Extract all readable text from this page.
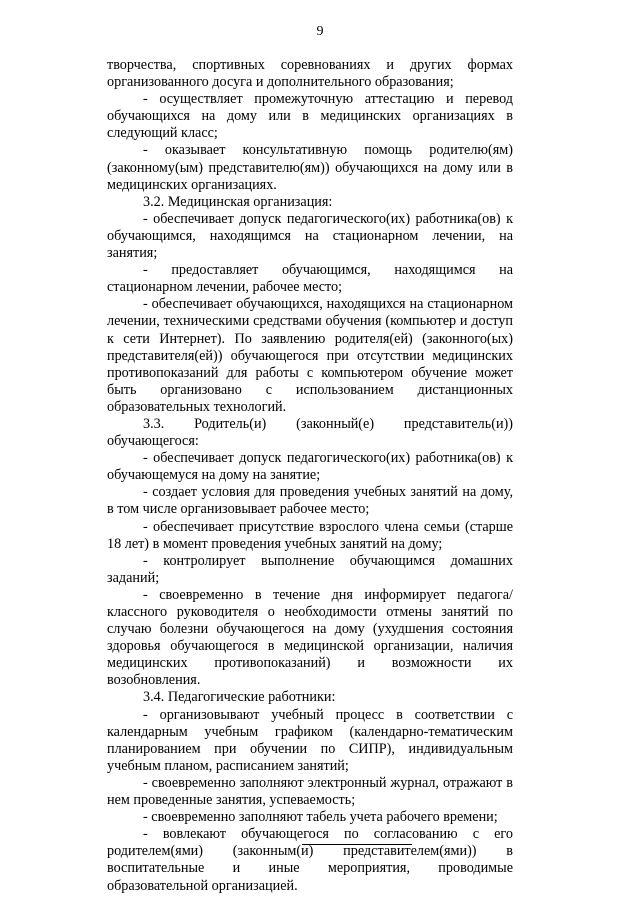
9

творчества, спортивных соревнованиях и других формах организованного досуга и дополнительного образования;

- осуществляет промежуточную аттестацию и перевод обучающихся на дому или в медицинских организациях в следующий класс;

- оказывает консультативную помощь родителю(ям) (законному(ым) представителю(ям)) обучающихся на дому или в медицинских организациях.

3.2. Медицинская организация:

- обеспечивает допуск педагогического(их) работника(ов) к обучающимся, находящимся на стационарном лечении, на занятия;

- предоставляет обучающимся, находящимся на стационарном лечении, рабочее место;

- обеспечивает обучающихся, находящихся на стационарном лечении, техническими средствами обучения (компьютер и доступ к сети Интернет). По заявлению родителя(ей) (законного(ых) представителя(ей)) обучающегося при отсутствии медицинских противопоказаний для работы с компьютером обучение может быть организовано с использованием дистанционных образовательных технологий.

3.3. Родитель(и) (законный(е) представитель(и)) обучающегося:

- обеспечивает допуск педагогического(их) работника(ов) к обучающемуся на дому на занятие;

- создает условия для проведения учебных занятий на дому, в том числе организовывает рабочее место;

- обеспечивает присутствие взрослого члена семьи (старше 18 лет) в момент проведения учебных занятий на дому;

- контролирует выполнение обучающимся домашних заданий;

- своевременно в течение дня информирует педагога/классного руководителя о необходимости отмены занятий по случаю болезни обучающегося на дому (ухудшения состояния здоровья обучающегося в медицинской организации, наличия медицинских противопоказаний) и возможности их возобновления.

3.4. Педагогические работники:

- организовывают учебный процесс в соответствии с календарным учебным графиком (календарно-тематическим планированием при обучении по СИПР), индивидуальным учебным планом, расписанием занятий;

- своевременно заполняют электронный журнал, отражают в нем проведенные занятия, успеваемость;

- своевременно заполняют табель учета рабочего времени;

- вовлекают обучающегося по согласованию с его родителем(ями) (законным(и) представителем(ями)) в воспитательные и иные мероприятия, проводимые образовательной организацией.
